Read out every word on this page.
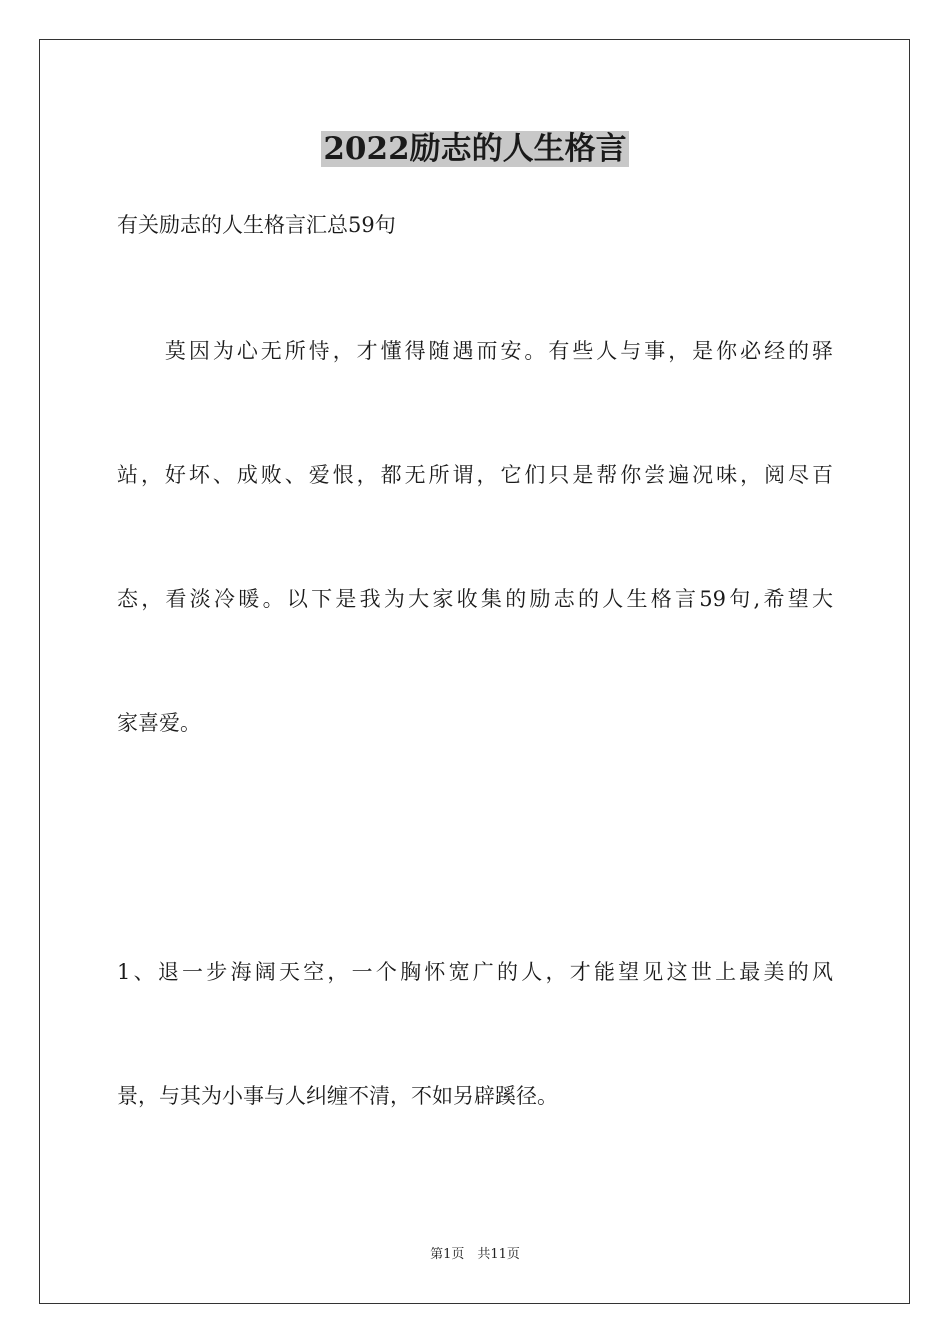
2022励志的人生格言
有关励志的人生格言汇总59句
　　莫因为心无所恃，才懂得随遇而安。有些人与事，是你必经的驿
站，好坏、成败、爱恨，都无所谓，它们只是帮你尝遍况味，阅尽百
态，看淡冷暖。以下是我为大家收集的励志的人生格言59句,希望大
家喜爱。
1、退一步海阔天空，一个胸怀宽广的人，才能望见这世上最美的风
景，与其为小事与人纠缠不清，不如另辟蹊径。
第1页　共11页
